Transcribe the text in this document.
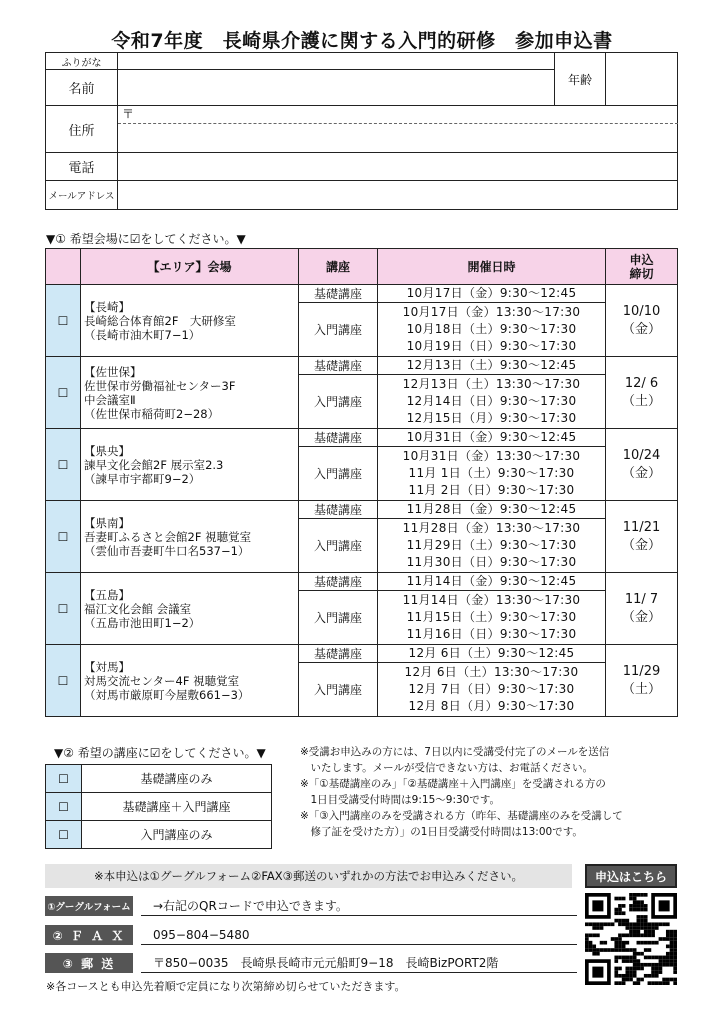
令和7年度　長崎県介護に関する入門的研修　参加申込書
ふりがな
名前
年齢
住所
〒
電話
メールアドレス
▼① 希望会場に☑をしてください。▼
	【エリア】会場	講座	開催日時	申込
締切
☐	【長崎】
長崎総合体育館2F　大研修室
（長崎市油木町7−1）	基礎講座	10月17日（金）9:30〜12:45	10/10
（金）
		入門講座	10月17日（金）13:30〜17:30
10月18日（土）9:30〜17:30
10月19日（日）9:30〜17:30	

☐	【佐世保】
佐世保市労働福祉センター3F
中会議室Ⅱ
（佐世保市稲荷町2−28）	基礎講座	12月13日（土）9:30〜12:45	12/ 6
（土）
		入門講座	12月13日（土）13:30〜17:30
12月14日（日）9:30〜17:30
12月15日（月）9:30〜17:30	

☐	【県央】
諫早文化会館2F 展示室2.3
（諫早市宇都町9−2）	基礎講座	10月31日（金）9:30〜12:45	10/24
（金）
		入門講座	10月31日（金）13:30〜17:30
11月 1日（土）9:30〜17:30
11月 2日（日）9:30〜17:30	

☐	【県南】
吾妻町ふるさと会館2F 視聴覚室
（雲仙市吾妻町牛口名537−1）	基礎講座	11月28日（金）9:30〜12:45	11/21
（金）
		入門講座	11月28日（金）13:30〜17:30
11月29日（土）9:30〜17:30
11月30日（日）9:30〜17:30	

☐	【五島】
福江文化会館 会議室
（五島市池田町1−2）	基礎講座	11月14日（金）9:30〜12:45	11/ 7
（金）
		入門講座	11月14日（金）13:30〜17:30
11月15日（土）9:30〜17:30
11月16日（日）9:30〜17:30	

☐	【対馬】
対馬交流センター4F 視聴覚室
（対馬市厳原町今屋敷661−3）	基礎講座	12月 6日（土）9:30〜12:45	11/29
（土）
		入門講座	12月 6日（土）13:30〜17:30
12月 7日（日）9:30〜17:30
12月 8日（月）9:30〜17:30	
▼② 希望の講座に☑をしてください。▼
☐	基礎講座のみ
☐	基礎講座＋入門講座
☐	入門講座のみ
※受講お申込みの方には、7日以内に受講受付完了のメールを送信
　いたします。メールが受信できない方は、お電話ください。
※「①基礎講座のみ」「②基礎講座＋入門講座」を受講される方の
　1日目受講受付時間は9:15〜9:30です。
※「③入門講座のみを受講される方（昨年、基礎講座のみを受講して
　修了証を受けた方）」の1日目受講受付時間は13:00です。
※本申込は①グーグルフォーム②FAX③郵送のいずれかの方法でお申込みください。	申込はこちら
①グーグルフォーム	→右記のQRコードで申込できます。
② Ｆ Ａ Ｘ	095−804−5480
③ 郵 送	〒850−0035　長崎県長崎市元元船町9−18　長崎BizPORT2階
※各コースとも申込先着順で定員になり次第締め切らせていただきます。
